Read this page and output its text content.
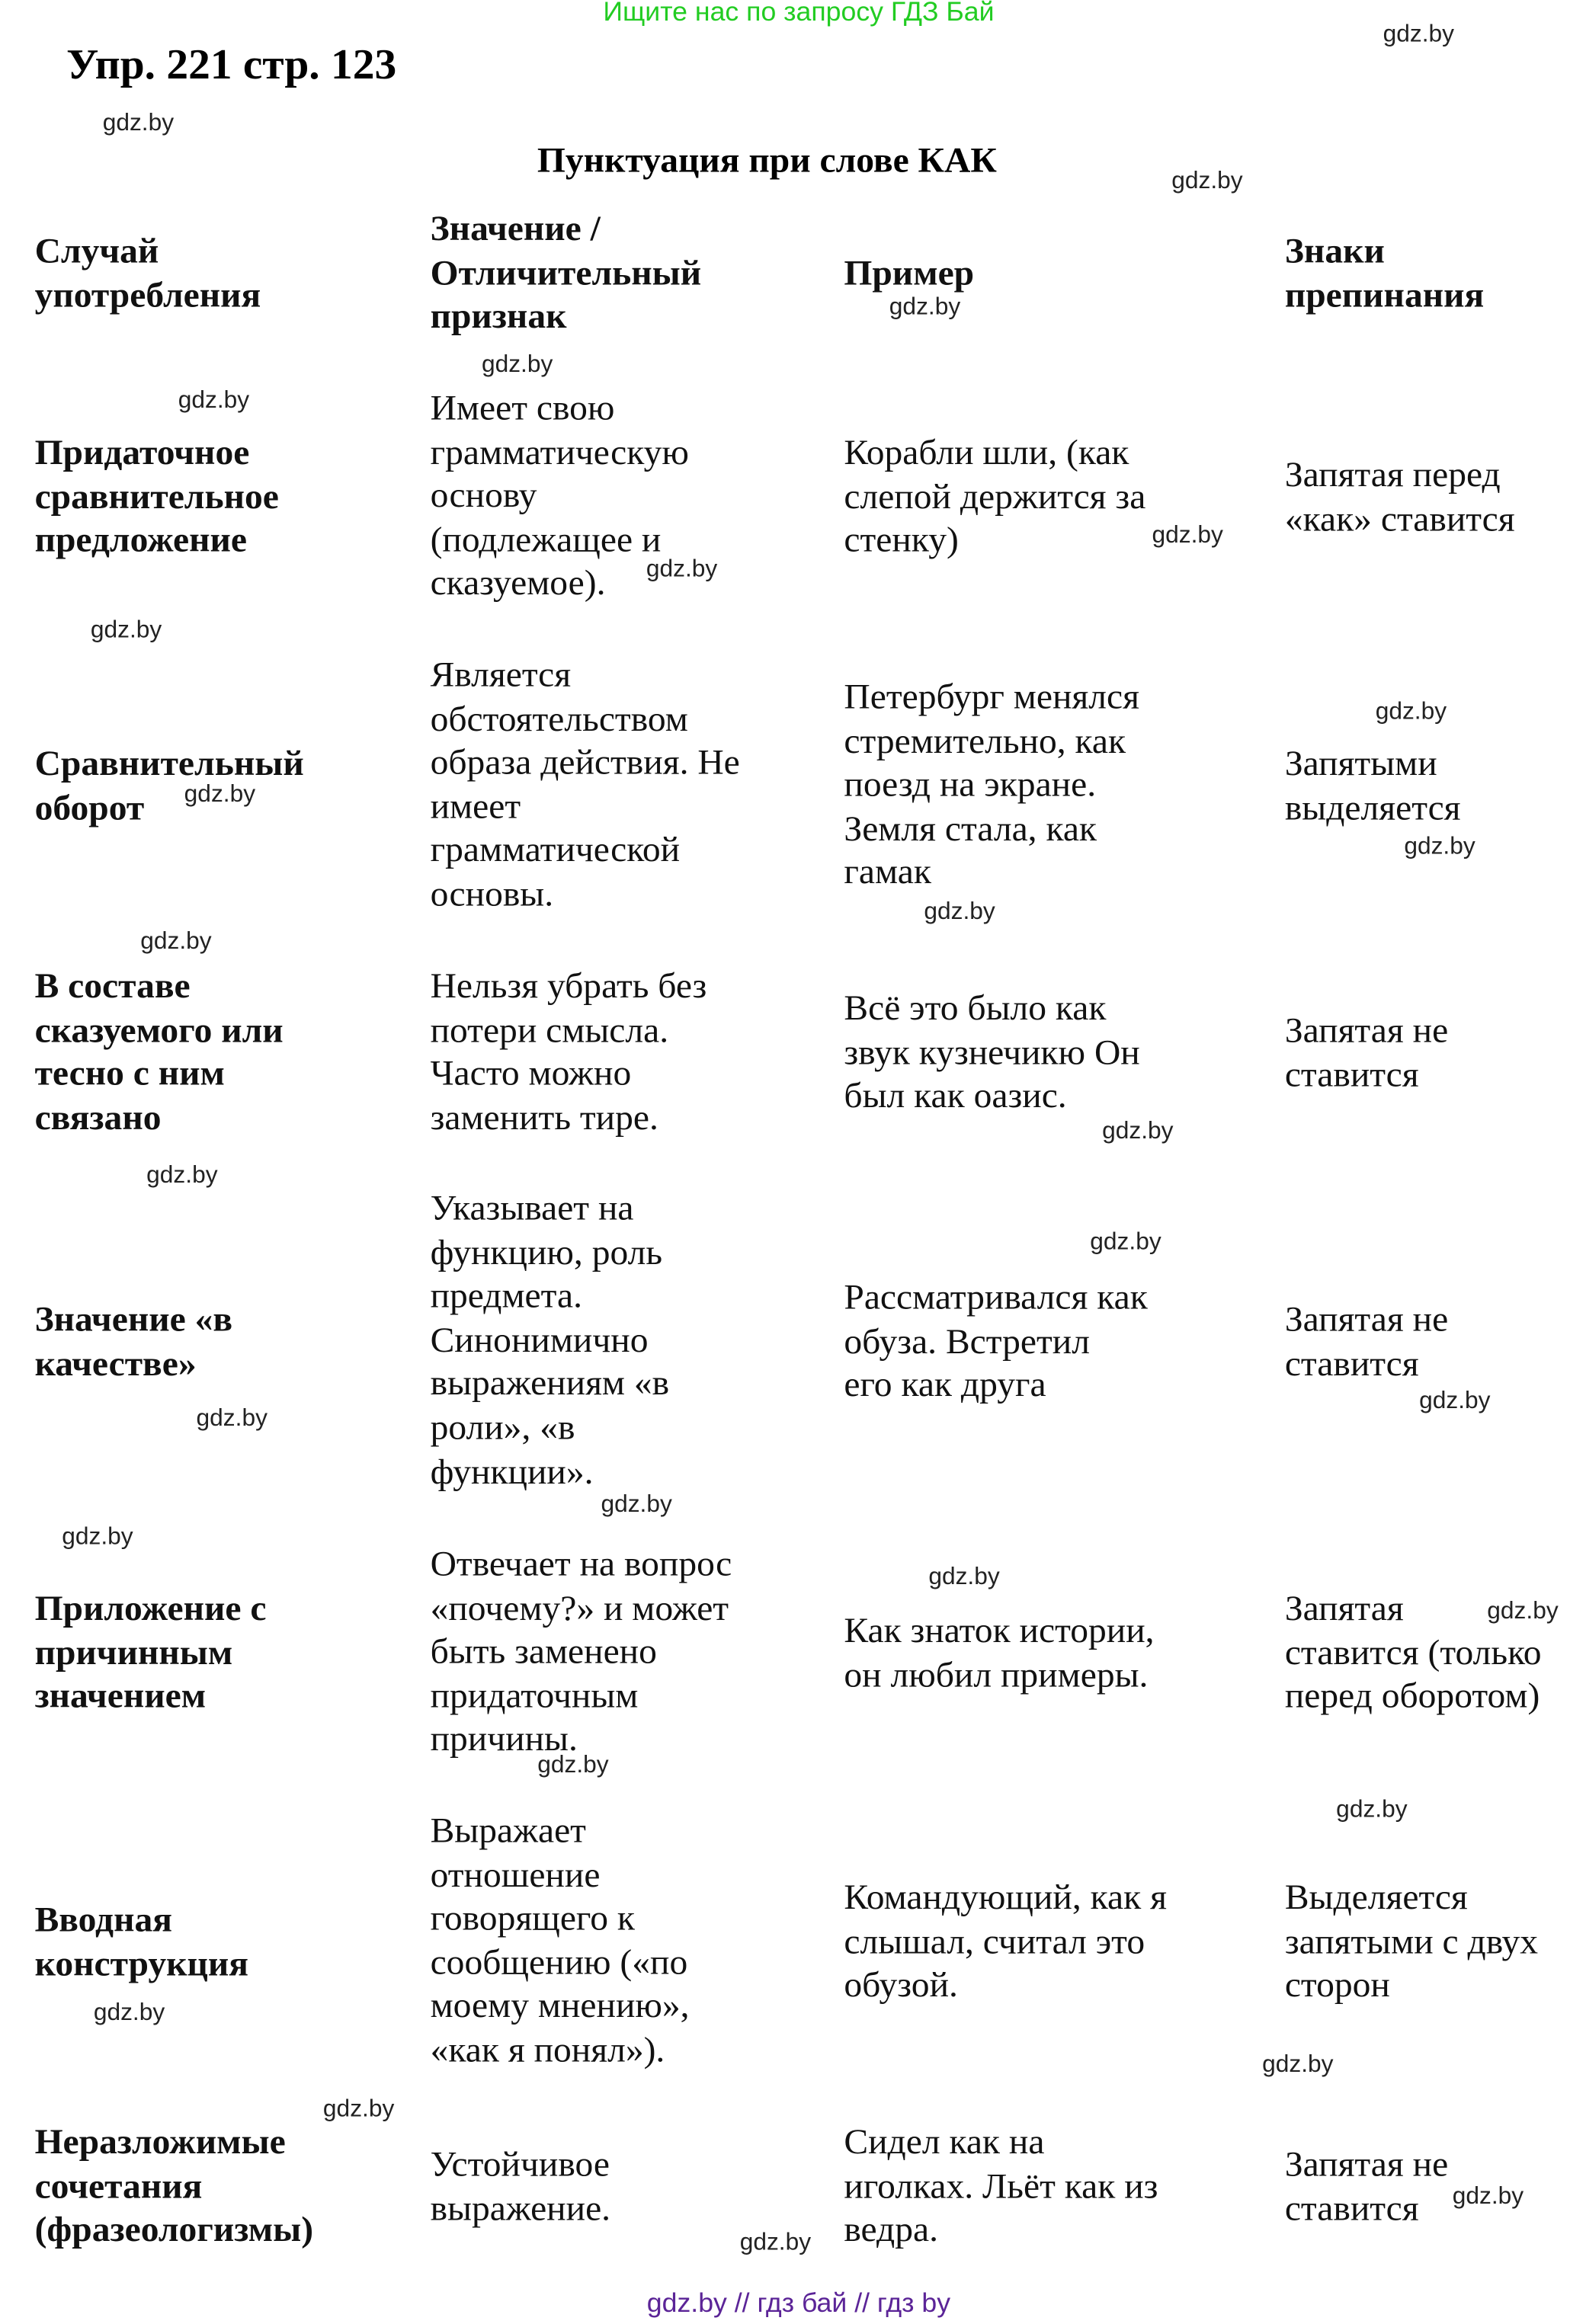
Ищите нас по запросу ГДЗ Бай
Упр. 221 стр. 123
Пунктуация при слове КАК
Случай
употребления
Значение /
Отличительный
признак
Пример
Знаки
препинания
Придаточное
сравнительное
предложение
Имеет свою
грамматическую
основу
(подлежащее и
сказуемое).
Корабли шли, (как
слепой держится за
стенку)
Запятая перед
«как» ставится
Сравнительный
оборот
Является
обстоятельством
образа действия. Не
имеет
грамматической
основы.
Петербург менялся
стремительно, как
поезд на экране.
Земля стала, как
гамак
Запятыми
выделяется
В составе
сказуемого или
тесно с ним
связано
Нельзя убрать без
потери смысла.
Часто можно
заменить тире.
Всё это было как
звук кузнечикю Он
был как оазис.
Запятая не
ставится
Значение «в
качестве»
Указывает на
функцию, роль
предмета.
Синонимично
выражениям «в
роли», «в
функции».
Рассматривался как
обуза. Встретил
его как друга
Запятая не
ставится
Приложение с
причинным
значением
Отвечает на вопрос
«почему?» и может
быть заменено
придаточным
причины.
Как знаток истории,
он любил примеры.
Запятая
ставится (только
перед оборотом)
Вводная
конструкция
Выражает
отношение
говорящего к
сообщению («по
моему мнению»,
«как я понял»).
Командующий, как я
слышал, считал это
обузой.
Выделяется
запятыми с двух
сторон
Неразложимые
сочетания
(фразеологизмы)
Устойчивое
выражение.
Сидел как на
иголках. Льёт как из
ведра.
Запятая не
ставится
gdz.by
gdz.by
gdz.by
gdz.by
gdz.by
gdz.by
gdz.by
gdz.by
gdz.by
gdz.by
gdz.by
gdz.by
gdz.by
gdz.by
gdz.by
gdz.by
gdz.by
gdz.by
gdz.by
gdz.by
gdz.by
gdz.by
gdz.by
gdz.by
gdz.by
gdz.by
gdz.by
gdz.by
gdz.by
gdz.by
gdz.by // гдз бай // гдз by
